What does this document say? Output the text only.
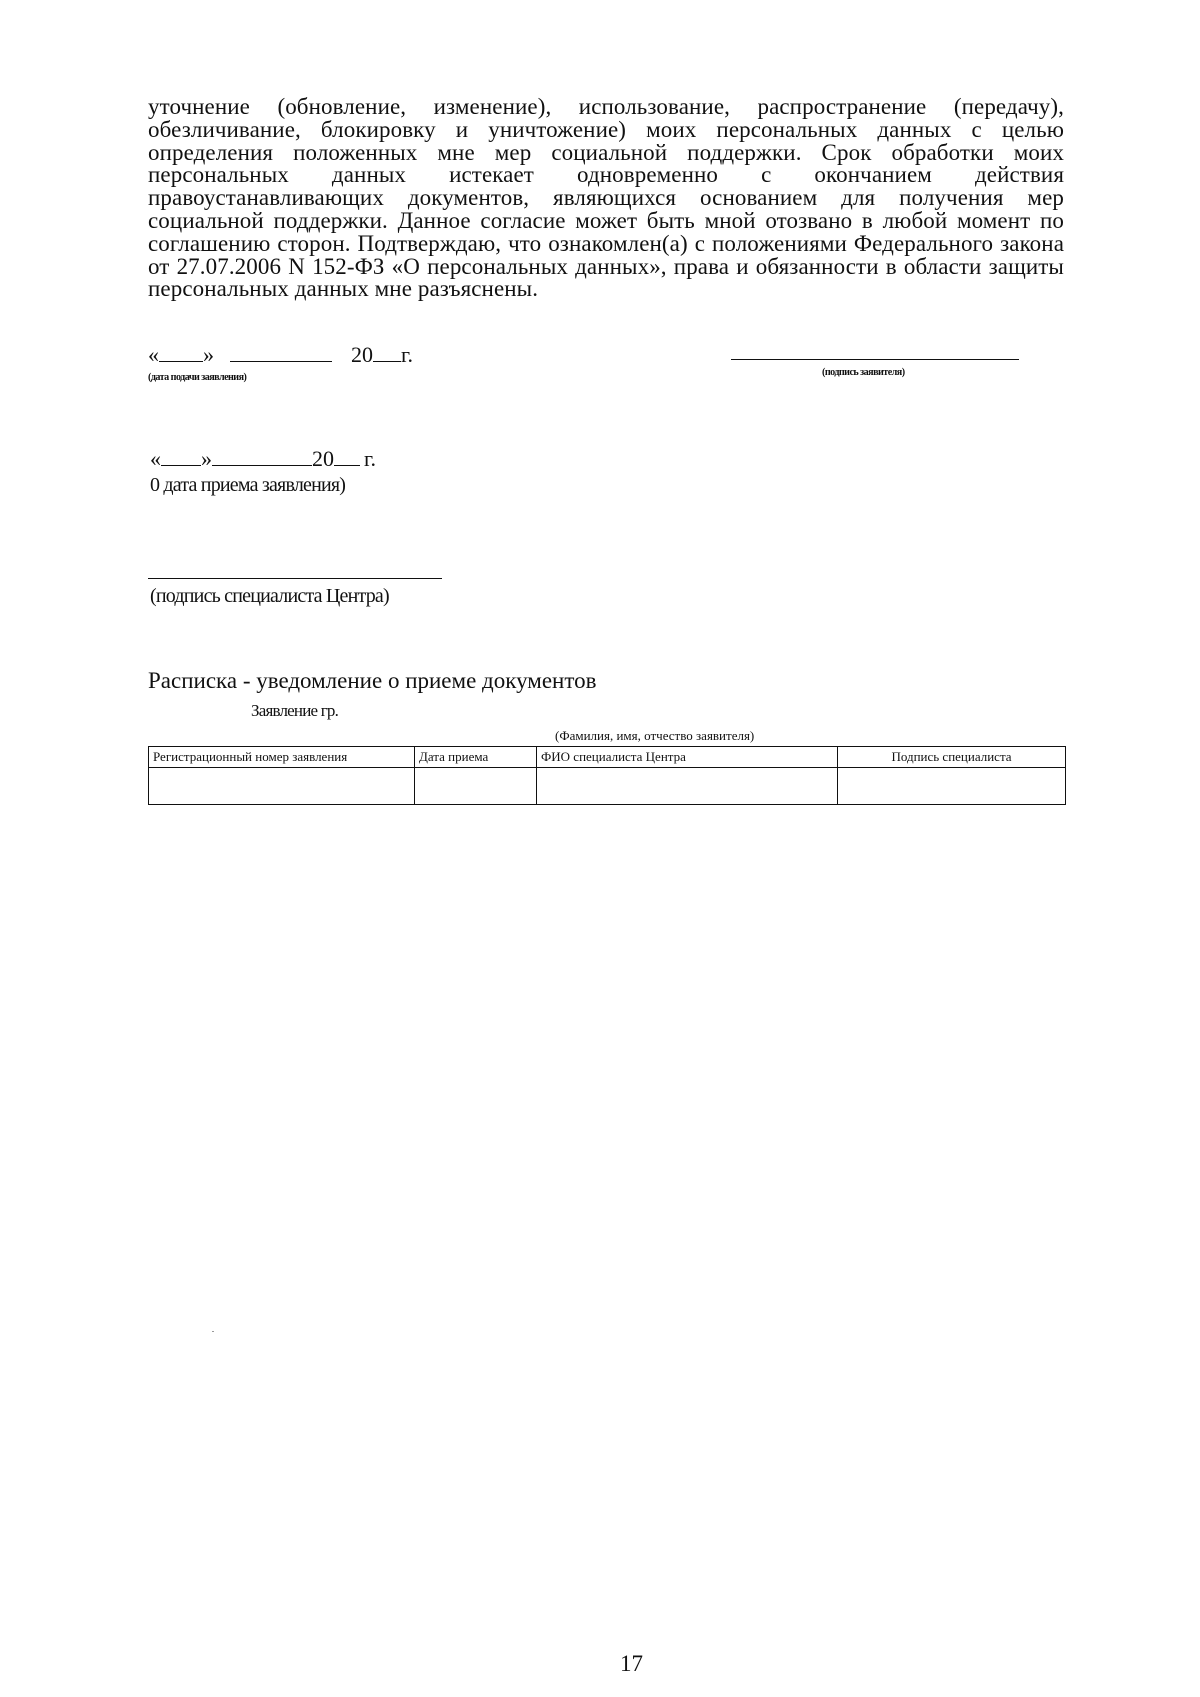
уточнение (обновление, изменение), использование, распространение (передачу), обезличивание, блокировку и уничтожение) моих персональных данных с целью определения положенных мне мер социальной поддержки. Срок обработки моих персональных данных истекает одновременно с окончанием действия правоустанавливающих документов, являющихся основанием для получения мер социальной поддержки. Данное согласие может быть мной отозвано в любой момент по соглашению сторон. Подтверждаю, что ознакомлен(а) с положениями Федерального закона от 27.07.2006 N 152-ФЗ «О персональных данных», права и обязанности в области защиты персональных данных мне разъяснены.
« »	20 г.
(дата подачи заявления)	(подпись заявителя)
« »	20 г.
0 дата приема заявления)
(подпись специалиста Центра)
Расписка - уведомление о приеме документов
Заявление гр.
(Фамилия, имя, отчество заявителя)
Регистрационный номер заявления	Дата приема	ФИО специалиста Центра	Подпись специалиста

17
